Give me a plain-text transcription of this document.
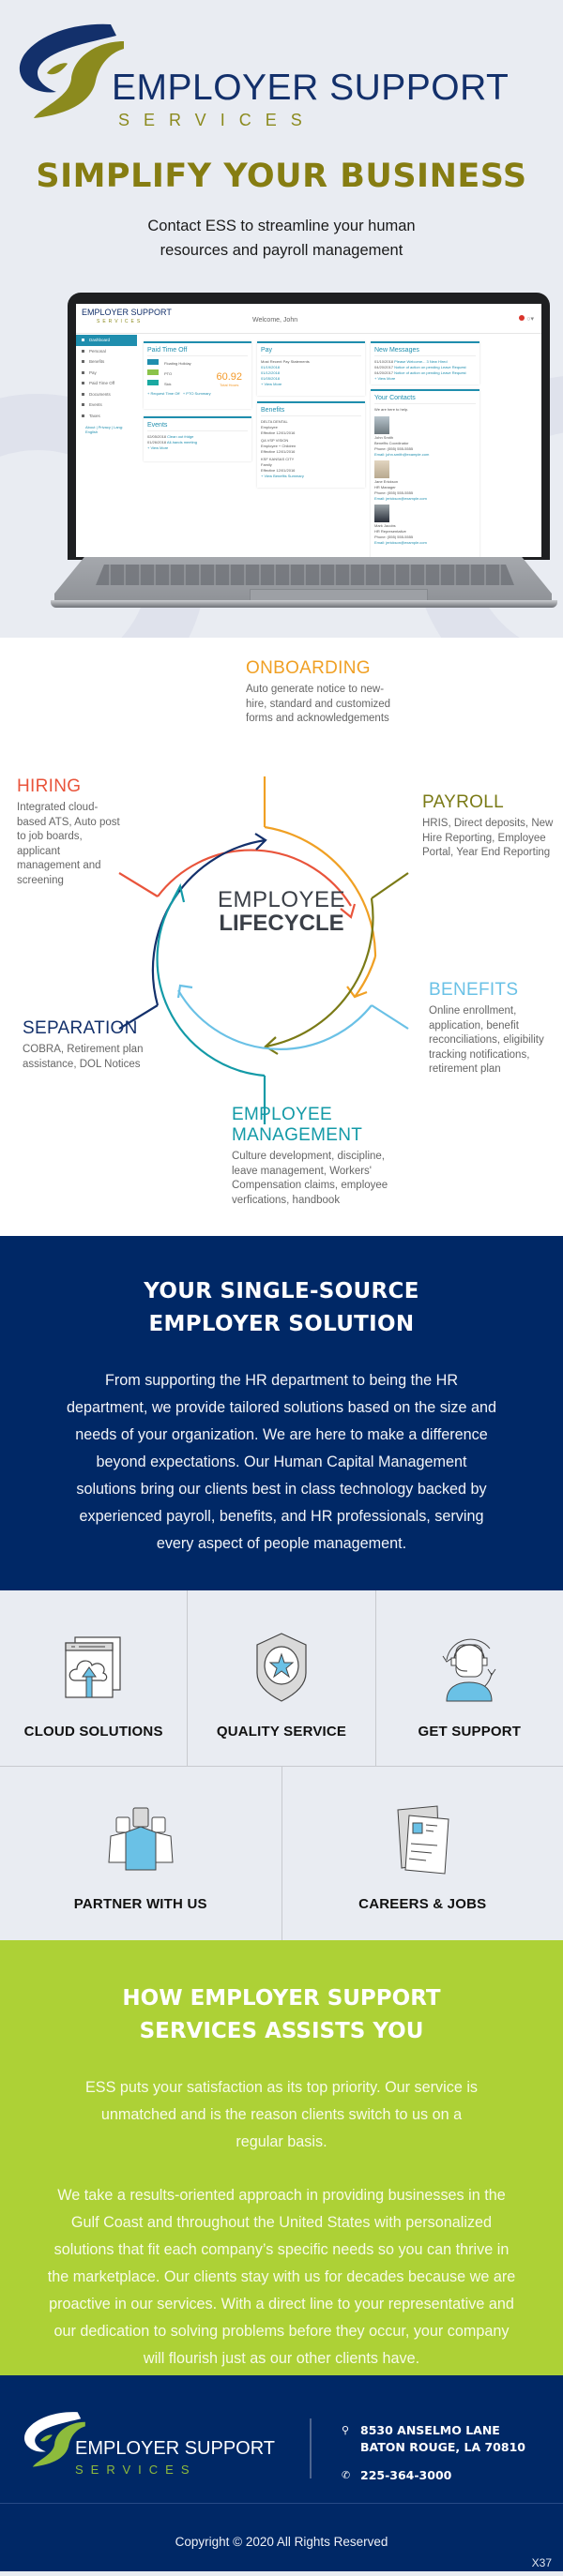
EMPLOYER SUPPORT
SERVICES
SIMPLIFY YOUR BUSINESS

Contact ESS to streamline your human resources and payroll management

EMPLOYER SUPPORT
SERVICES	Welcome, John	○▾
Dashboard
Personal
Benefits
Pay
Paid Time Off
Documents
Events
Taxes
About | Privacy | Lang: English
Paid Time Off
Floating Holiday
PTO
Sick
60.92
Total Hours
+ Request Time Off + PTO Summary
Events
02/05/2018 Clean out fridge
01/26/2018 All-hands meeting
+ View More
Pay
Most Recent Pay Statements
01/19/2018
01/12/2018
01/05/2018
+ View More
Benefits
DELTA DENTAL
Employee
Effective 12/01/2016
QA VSP VISION
Employee + Children
Effective 12/01/2016
KSF KANSAS CITY
Family
Effective 12/01/2016
+ View Benefits Summary
New Messages
01/10/2018 Please Welcome... 3 New Hired
04/20/2017 Notice of action on pending Leave Request
04/20/2017 Notice of action on pending Leave Request
+ View More
Your Contacts
We are here to help.
John Smith
Benefits Coordinator
Phone: (555) 555-5555
Email: john.smith@example.com
Jane Erickson
HR Manager
Phone: (555) 555-5555
Email: jerickson@example.com
Mark Jacobs
HR Representative
Phone: (555) 555-5555
Email: jerickson@example.com
ONBOARDING
Auto generate notice to new-hire, standard and customized forms and acknowledgements
HIRING
Integrated cloud-based ATS, Auto post to job boards, applicant management and screening
PAYROLL
HRIS, Direct deposits, New Hire Reporting, Employee Portal, Year End Reporting
BENEFITS
Online enrollment, application, benefit reconciliations, eligibility tracking notifications, retirement plan
SEPARATION
COBRA, Retirement plan assistance, DOL Notices
EMPLOYEE
MANAGEMENT
Culture development, discipline, leave management, Workers' Compensation claims, employee verfications, handbook
EMPLOYEE
LIFECYCLE
YOUR SINGLE-SOURCE
EMPLOYER SOLUTION

From supporting the HR department to being the HR department, we provide tailored solutions based on the size and needs of your organization. We are here to make a difference beyond expectations. Our Human Capital Management solutions bring our clients best in class technology backed by experienced payroll, benefits, and HR professionals, serving every aspect of people management.

CLOUD SOLUTIONS	QUALITY SERVICE	GET SUPPORT
PARTNER WITH US	CAREERS & JOBS
HOW EMPLOYER SUPPORT
SERVICES ASSISTS YOU

ESS puts your satisfaction as its top priority. Our service is unmatched and is the reason clients switch to us on a regular basis.

We take a results-oriented approach in providing businesses in the Gulf Coast and throughout the United States with personalized solutions that fit each company’s specific needs so you can thrive in the marketplace. Our clients stay with us for decades because we are proactive in our services. With a direct line to your representative and our dedication to solving problems before they occur, your company will flourish just as our other clients have.

EMPLOYER SUPPORT
SERVICES
⚲ 8530 ANSELMO LANE
BATON ROUGE, LA 70810
✆ 225-364-3000
Copyright © 2020 All Rights Reserved
X37
